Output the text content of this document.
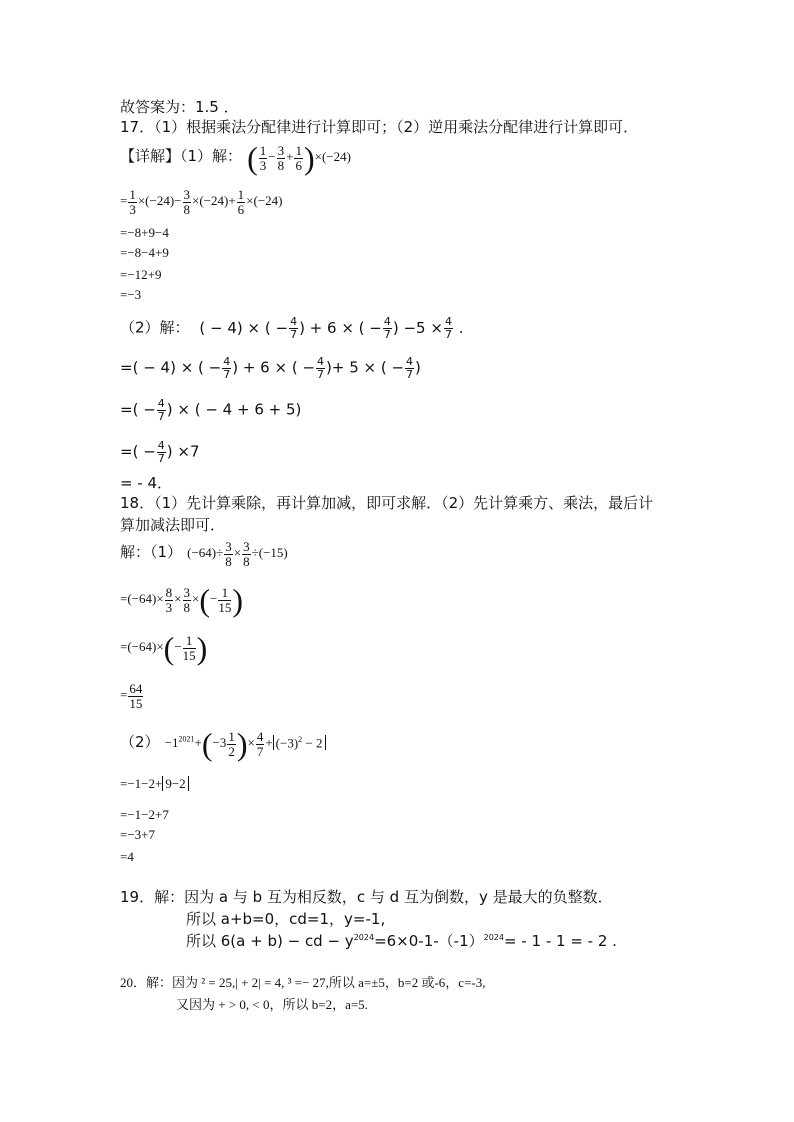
故答案为：1.5 ．
17．（1）根据乘法分配律进行计算即可；（2）逆用乘法分配律进行计算即可．
【详解】（1）解： ( $\frac{1}{3} - \frac{3}{8} + \frac{1}{6} )\times(-24)$
= $\frac{1}{3} \times(-24)- \frac{3}{8} \times(-24)+ \frac{1}{6} \times(-24)$
=−8+9−4
=−8−4+9
=−12+9
=−3
（2）解：  ( − 4) × ( − $\frac{4}{7}$ ) + 6 × ( − $\frac{4}{7}$ ) $-5 \times \frac{4}{7}$ .
=( − 4) × ( − $\frac{4}{7}$ ) + 6 × ( − $\frac{4}{7}$ )+ 5 × ( − $\frac{4}{7}$ )
=( − $\frac{4}{7}$ ) × ( − 4 + 6 + 5)
=( − $\frac{4}{7}$ ) ×7
= - 4．
18．（1）先计算乘除，再计算加减，即可求解．（2）先计算乘方、乘法，最后计
算加减法即可．
解：（1） $(-64)\div \frac{3}{8} \times \frac{3}{8} \div(-15)$
$=(-64)\times \frac{8}{3} \times \frac{3}{8}$ ×(− $\frac{1}{15}$ )
$=(-64)\times(- \frac{1}{15}$ )
= $\frac{64}{15}$
$(2) -1^{2021}+(-3 \frac{1}{2}$ )× $\frac{4}{7} + (-3)^2 - 2$
=−1−2+ 9−2
=−1−2+7
=−3+7
=4
19．解：因为 a 与 b 互为相反数，c 与 d 互为倒数，y 是最大的负整数．
所以 a+b=0，cd=1，y=-1,
所以 6(a + b) − cd − $y^{2024}=6\times 0-1-(-1)^{2024}= - 1 - 1$ = - 2 .
20．解：因为 ² = 25,| + 2| = 4, ³ =− 27,所以 a=±5，b=2 或-6，c=-3,
又因为 + > 0, < 0，所以 b=2，a=5.
